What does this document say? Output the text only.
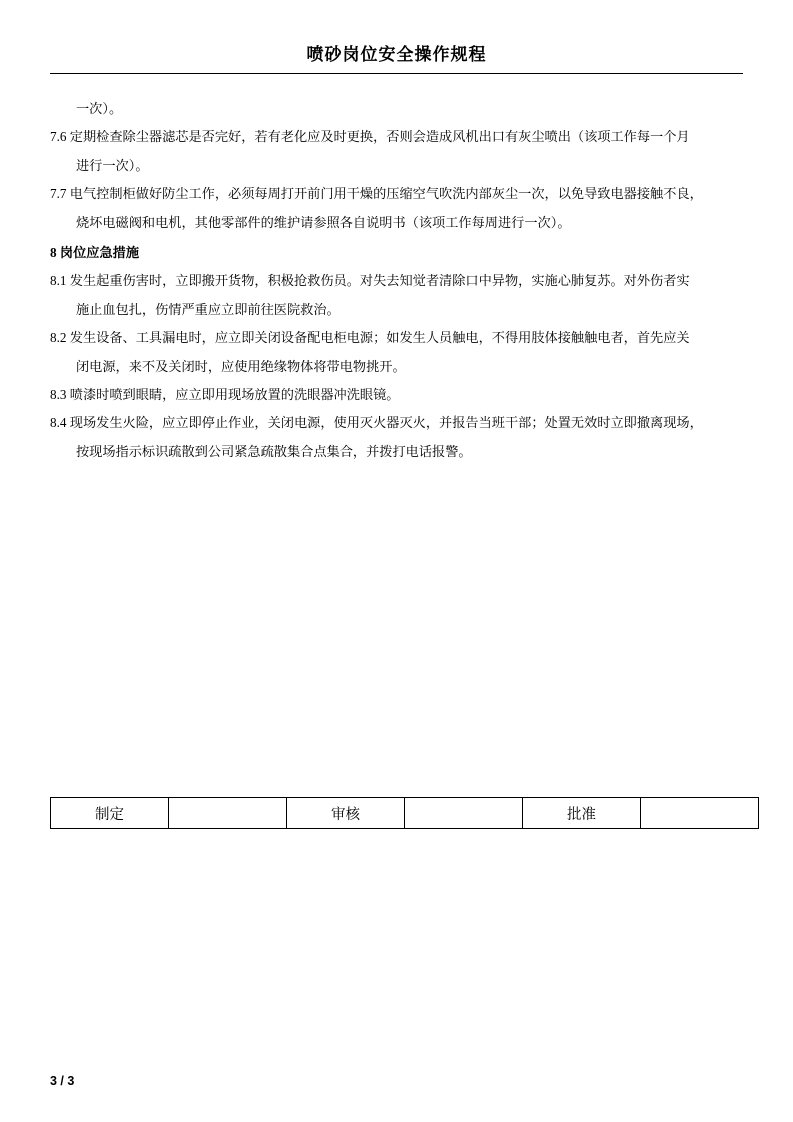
喷砂岗位安全操作规程

一次）。

7.6 定期检查除尘器滤芯是否完好，若有老化应及时更换，否则会造成风机出口有灰尘喷出（该项工作每一个月

进行一次）。

7.7 电气控制柜做好防尘工作，必须每周打开前门用干燥的压缩空气吹洗内部灰尘一次，以免导致电器接触不良，

烧坏电磁阀和电机，其他零部件的维护请参照各自说明书（该项工作每周进行一次）。

8 岗位应急措施

8.1 发生起重伤害时，立即搬开货物，积极抢救伤员。对失去知觉者清除口中异物，实施心肺复苏。对外伤者实

施止血包扎，伤情严重应立即前往医院救治。

8.2 发生设备、工具漏电时，应立即关闭设备配电柜电源；如发生人员触电，不得用肢体接触触电者，首先应关

闭电源，来不及关闭时，应使用绝缘物体将带电物挑开。

8.3 喷漆时喷到眼睛，应立即用现场放置的洗眼器冲洗眼镜。

8.4 现场发生火险，应立即停止作业，关闭电源，使用灭火器灭火，并报告当班干部；处置无效时立即撤离现场，

按现场指示标识疏散到公司紧急疏散集合点集合，并拨打电话报警。

制定		审核		批准	
3 / 3
